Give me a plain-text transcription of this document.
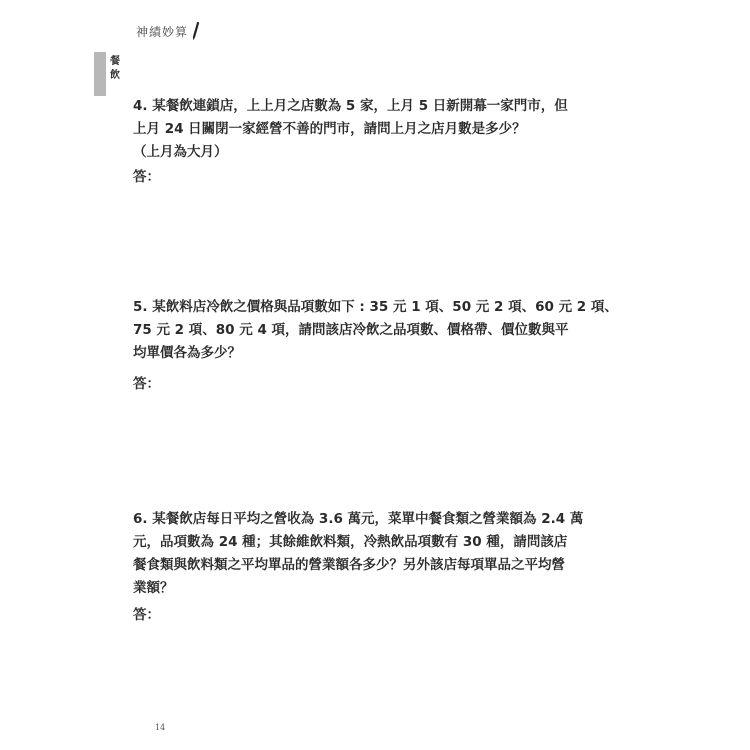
神績妙算
餐飲
4. 某餐飲連鎖店，上上月之店數為 5 家，上月 5 日新開幕一家門市，但
上月 24 日關閉一家經營不善的門市，請問上月之店月數是多少？
（上月為大月）
答：
5. 某飲料店冷飲之價格與品項數如下 : 35 元 1 項、50 元 2 項、60 元 2 項、
75 元 2 項、80 元 4 項，請問該店冷飲之品項數、價格帶、價位數與平
均單價各為多少？
答：
6. 某餐飲店每日平均之營收為 3.6 萬元，菜單中餐食類之營業額為 2.4 萬
元，品項數為 24 種；其餘維飲料類，冷熱飲品項數有 30 種，請問該店
餐食類與飲料類之平均單品的營業額各多少？另外該店每項單品之平均營
業額？
答：
14
